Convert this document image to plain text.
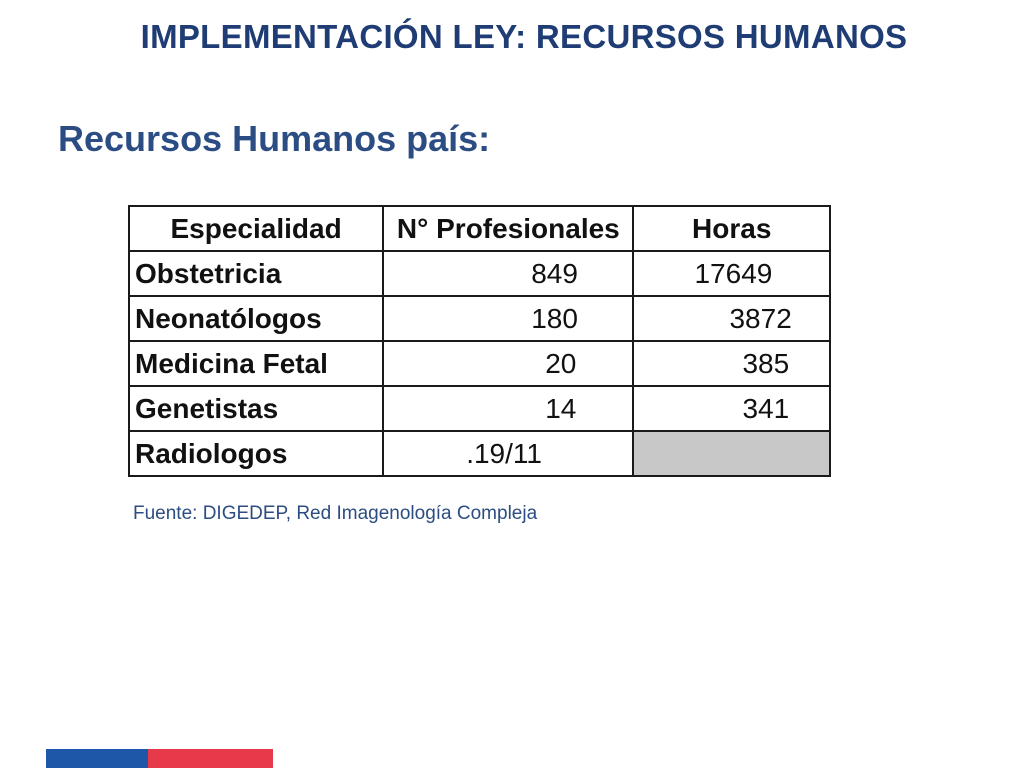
IMPLEMENTACIÓN LEY: RECURSOS HUMANOS
Recursos Humanos país:
Especialidad	N° Profesionales	Horas
Obstetricia	849	17649
Neonatólogos	180	3872
Medicina Fetal	20	385
Genetistas	14	341
Radiologos	.19/11	
Fuente: DIGEDEP, Red Imagenología Compleja
